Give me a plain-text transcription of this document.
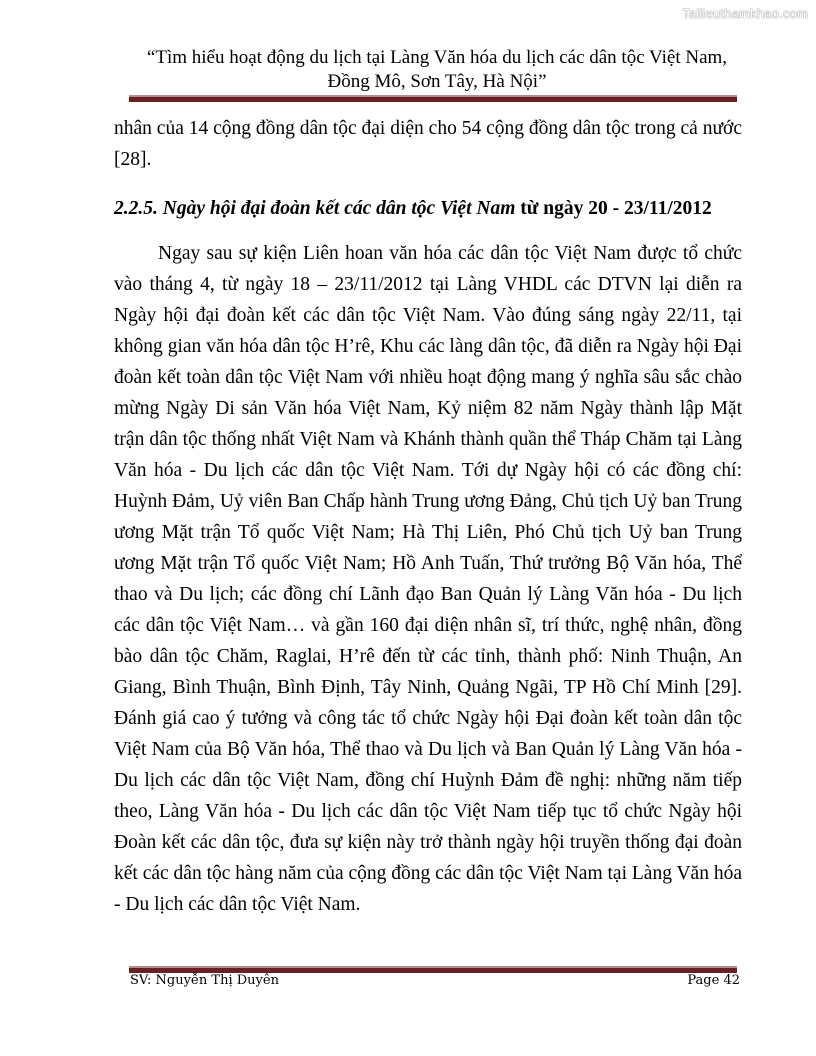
Tailieuthamkhao.com
“Tìm hiểu hoạt động du lịch tại Làng Văn hóa du lịch các dân tộc Việt Nam,
Đồng Mô, Sơn Tây, Hà Nội”

nhân của 14 cộng đồng dân tộc đại diện cho 54 cộng đồng dân tộc trong cả nước [28].

2.2.5. Ngày hội đại đoàn kết các dân tộc Việt Nam từ ngày 20 - 23/11/2012

Ngay sau sự kiện Liên hoan văn hóa các dân tộc Việt Nam được tổ chức vào tháng 4, từ ngày 18 – 23/11/2012 tại Làng VHDL các DTVN lại diễn ra Ngày hội đại đoàn kết các dân tộc Việt Nam. Vào đúng sáng ngày 22/11, tại không gian văn hóa dân tộc H’rê, Khu các làng dân tộc, đã diễn ra Ngày hội Đại đoàn kết toàn dân tộc Việt Nam với nhiều hoạt động mang ý nghĩa sâu sắc chào mừng Ngày Di sản Văn hóa Việt Nam, Kỷ niệm 82 năm Ngày thành lập Mặt trận dân tộc thống nhất Việt Nam và Khánh thành quần thể Tháp Chăm tại Làng Văn hóa - Du lịch các dân tộc Việt Nam. Tới dự Ngày hội có các đồng chí: Huỳnh Đảm, Uỷ viên Ban Chấp hành Trung ương Đảng, Chủ tịch Uỷ ban Trung ương Mặt trận Tổ quốc Việt Nam; Hà Thị Liên, Phó Chủ tịch Uỷ ban Trung ương Mặt trận Tổ quốc Việt Nam; Hồ Anh Tuấn, Thứ trưởng Bộ Văn hóa, Thể thao và Du lịch; các đồng chí Lãnh đạo Ban Quản lý Làng Văn hóa - Du lịch các dân tộc Việt Nam… và gần 160 đại diện nhân sĩ, trí thức, nghệ nhân, đồng bào dân tộc Chăm, Raglai, H’rê đến từ các tỉnh, thành phố: Ninh Thuận, An Giang, Bình Thuận, Bình Định, Tây Ninh, Quảng Ngãi, TP Hồ Chí Minh [29]. Đánh giá cao ý tưởng và công tác tổ chức Ngày hội Đại đoàn kết toàn dân tộc Việt Nam của Bộ Văn hóa, Thể thao và Du lịch và Ban Quản lý Làng Văn hóa - Du lịch các dân tộc Việt Nam, đồng chí Huỳnh Đảm đề nghị: những năm tiếp theo, Làng Văn hóa - Du lịch các dân tộc Việt Nam tiếp tục tổ chức Ngày hội Đoàn kết các dân tộc, đưa sự kiện này trở thành ngày hội truyền thống đại đoàn kết các dân tộc hàng năm của cộng đồng các dân tộc Việt Nam tại Làng Văn hóa - Du lịch các dân tộc Việt Nam.

SV: Nguyễn Thị Duyên	Page 42
